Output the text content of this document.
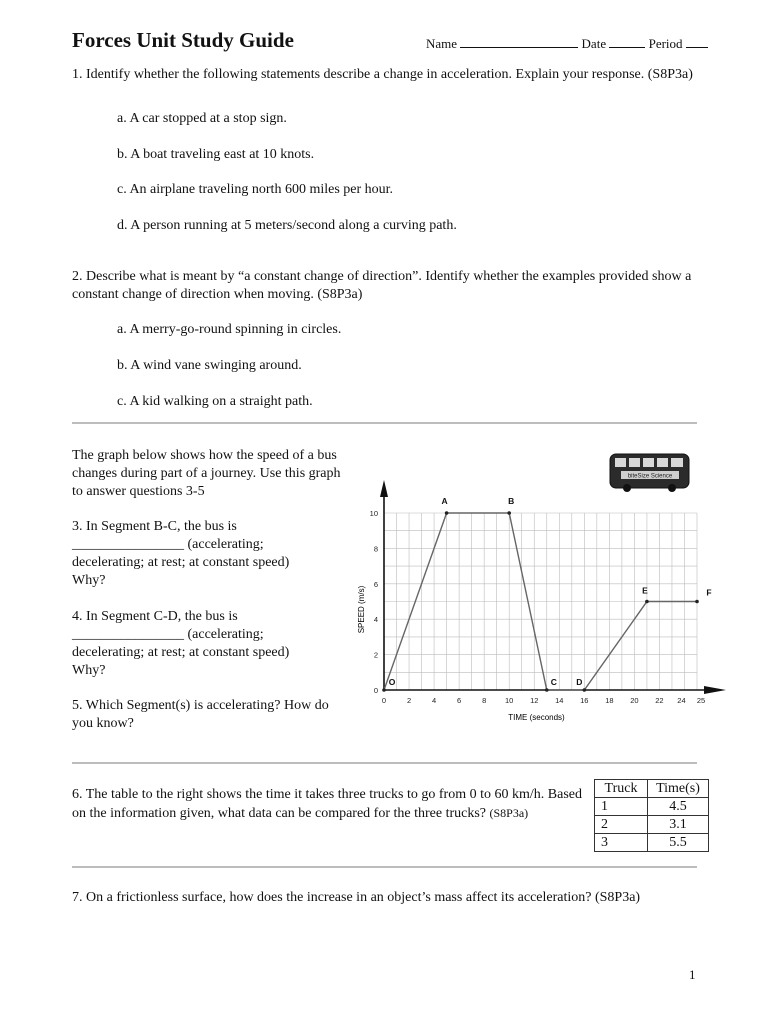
Forces Unit Study Guide	Name	Date	Period
1. Identify whether the following statements describe a change in acceleration. Explain your response. (S8P3a)
a. A car stopped at a stop sign.
b. A boat traveling east at 10 knots.
c. An airplane traveling north 600 miles per hour.
d. A person running at 5 meters/second along a curving path.
2. Describe what is meant by “a constant change of direction”. Identify whether the examples provided show a constant change of direction when moving. (S8P3a)
a. A merry-go-round spinning in circles.
b. A wind vane swinging around.
c. A kid walking on a straight path.
The graph below shows how the speed of a bus changes during part of a journey. Use this graph to answer questions 3-5
3. In Segment B-C, the bus is
________________ (accelerating; decelerating; at rest; at constant speed)
Why?
4. In Segment C-D, the bus is
________________ (accelerating; decelerating; at rest; at constant speed)
Why?
5. Which Segment(s) is accelerating? How do you know?
biteSize Science
0	2	4	6	8	10 12 14 16 18 20 22 24 25
0
2
4
6
8
10
O
A	B
C D
E	F
TIME (seconds)
SPEED (m/s)
6. The table to the right shows the time it takes three trucks to go from 0 to 60 km/h. Based on the information given, what data can be compared for the three trucks? (S8P3a)
Truck	Time(s)
1	4.5
2	3.1
3	5.5
7. On a frictionless surface, how does the increase in an object’s mass affect its acceleration? (S8P3a)
1
